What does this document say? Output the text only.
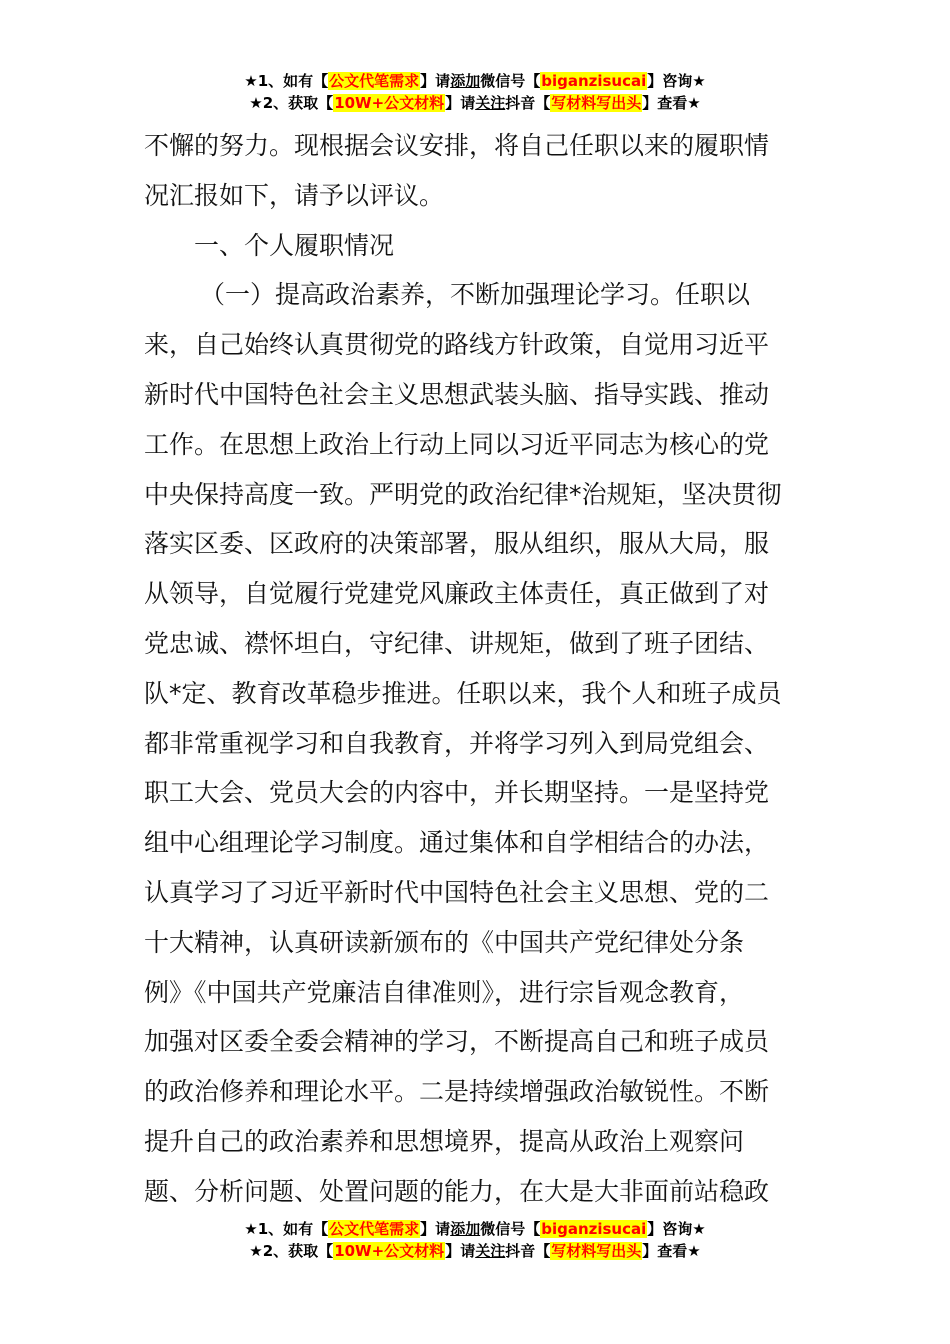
★1、如有【公文代笔需求】请添加微信号【biganzisucai】咨询★
★2、获取【10W+公文材料】请关注抖音【写材料写出头】查看★
不懈的努力。现根据会议安排，将自己任职以来的履职情
况汇报如下，请予以评议。
一、个人履职情况
（一）提高政治素养，不断加强理论学习。任职以
来，自己始终认真贯彻党的路线方针政策，自觉用习近平
新时代中国特色社会主义思想武装头脑、指导实践、推动
工作。在思想上政治上行动上同以习近平同志为核心的党
中央保持高度一致。严明党的政治纪律*治规矩，坚决贯彻
落实区委、区政府的决策部署，服从组织，服从大局，服
从领导，自觉履行党建党风廉政主体责任，真正做到了对
党忠诚、襟怀坦白，守纪律、讲规矩，做到了班子团结、
队*定、教育改革稳步推进。任职以来，我个人和班子成员
都非常重视学习和自我教育，并将学习列入到局党组会、
职工大会、党员大会的内容中，并长期坚持。一是坚持党
组中心组理论学习制度。通过集体和自学相结合的办法，
认真学习了习近平新时代中国特色社会主义思想、党的二
十大精神，认真研读新颁布的《中国共产党纪律处分条
例》《中国共产党廉洁自律准则》，进行宗旨观念教育，
加强对区委全委会精神的学习，不断提高自己和班子成员
的政治修养和理论水平。二是持续增强政治敏锐性。不断
提升自己的政治素养和思想境界，提高从政治上观察问
题、分析问题、处置问题的能力，在大是大非面前站稳政
★1、如有【公文代笔需求】请添加微信号【biganzisucai】咨询★
★2、获取【10W+公文材料】请关注抖音【写材料写出头】查看★
